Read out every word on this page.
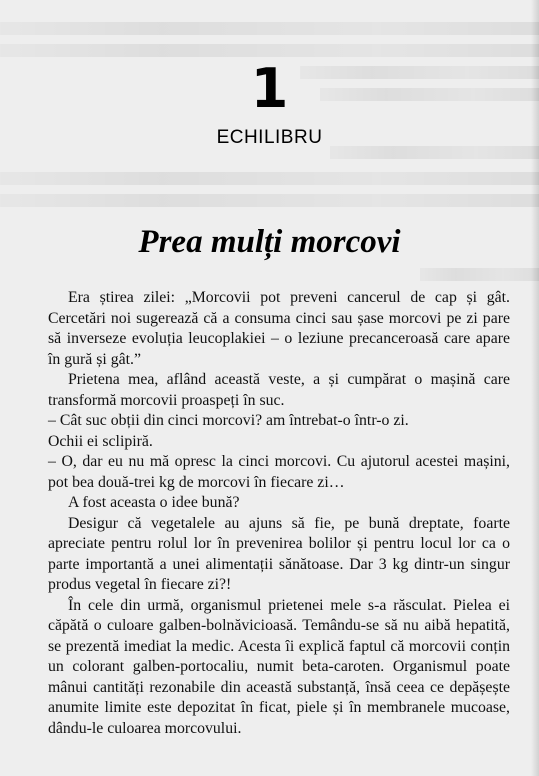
1
ECHILIBRU
Prea mulți morcovi

Era știrea zilei: „Morcovii pot preveni cancerul de cap și gât. Cercetări noi sugerează că a consuma cinci sau șase morcovi pe zi pare să inverseze evoluția leucoplakiei – o leziune precanceroasă care apare în gură și gât.”

Prietena mea, aflând această veste, a și cumpărat o mașină care transformă morcovii proaspeți în suc.

– Cât suc obții din cinci morcovi? am întrebat-o într-o zi.

Ochii ei sclipiră.

– O, dar eu nu mă opresc la cinci morcovi. Cu ajutorul acestei mașini, pot bea două-trei kg de morcovi în fiecare zi…

A fost aceasta o idee bună?

Desigur că vegetalele au ajuns să fie, pe bună dreptate, foarte apreciate pentru rolul lor în prevenirea bolilor și pentru locul lor ca o parte importantă a unei alimentații sănătoase. Dar 3 kg dintr-un singur produs vegetal în fiecare zi?!

În cele din urmă, organismul prietenei mele s-a răsculat. Pielea ei căpătă o culoare galben-bolnăvicioasă. Temându-se să nu aibă hepatită, se prezentă imediat la medic. Acesta îi explică faptul că morcovii conțin un colorant galben-portocaliu, numit beta-caroten. Organismul poate mânui cantități rezonabile din această substanță, însă ceea ce depășește anumite limite este depozitat în ficat, piele și în membranele mucoase, dându-le culoarea morcovului.
